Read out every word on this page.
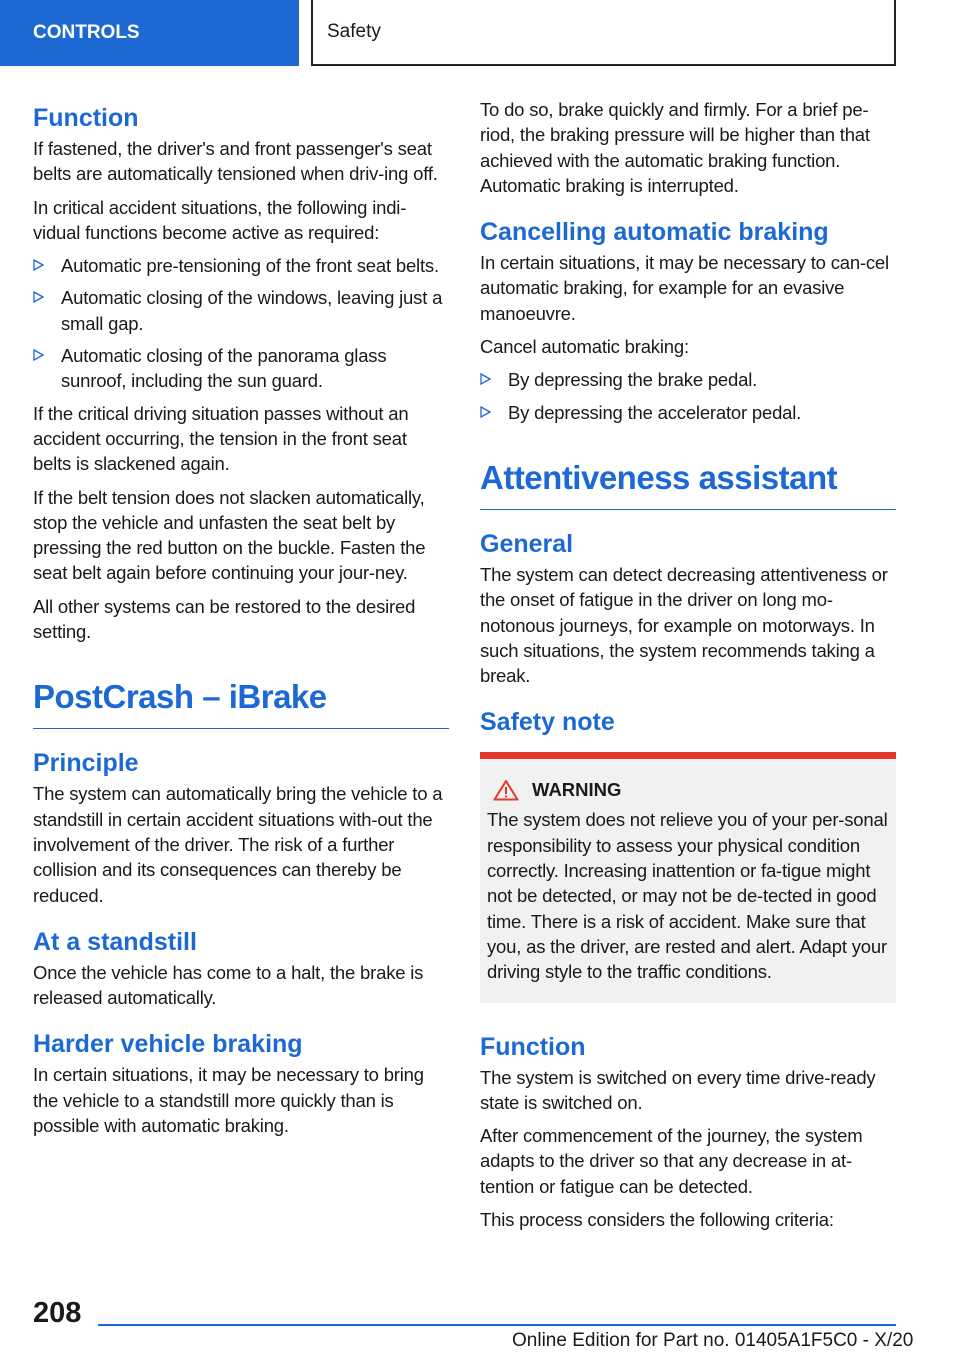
CONTROLS	Safety
Function

If fastened, the driver's and front passenger's seat belts are automatically tensioned when driv-ing off.

In critical accident situations, the following indi-vidual functions become active as required:

Automatic pre-tensioning of the front seat belts.
Automatic closing of the windows, leaving just a small gap.
Automatic closing of the panorama glass sunroof, including the sun guard.

If the critical driving situation passes without an accident occurring, the tension in the front seat belts is slackened again.

If the belt tension does not slacken automatically, stop the vehicle and unfasten the seat belt by pressing the red button on the buckle. Fasten the seat belt again before continuing your jour-ney.

All other systems can be restored to the desired setting.

PostCrash – iBrake
Principle

The system can automatically bring the vehicle to a standstill in certain accident situations with-out the involvement of the driver. The risk of a further collision and its consequences can thereby be reduced.

At a standstill

Once the vehicle has come to a halt, the brake is released automatically.

Harder vehicle braking

In certain situations, it may be necessary to bring the vehicle to a standstill more quickly than is possible with automatic braking.

To do so, brake quickly and firmly. For a brief pe-riod, the braking pressure will be higher than that achieved with the automatic braking function. Automatic braking is interrupted.

Cancelling automatic braking

In certain situations, it may be necessary to can-cel automatic braking, for example for an evasive manoeuvre.

Cancel automatic braking:

By depressing the brake pedal.
By depressing the accelerator pedal.
Attentiveness assistant
General

The system can detect decreasing attentiveness or the onset of fatigue in the driver on long mo-notonous journeys, for example on motorways. In such situations, the system recommends taking a break.

Safety note
WARNING

The system does not relieve you of your per-sonal responsibility to assess your physical condition correctly. Increasing inattention or fa-tigue might not be detected, or may not be de-tected in good time. There is a risk of accident. Make sure that you, as the driver, are rested and alert. Adapt your driving style to the traffic conditions.

Function

The system is switched on every time drive-ready state is switched on.

After commencement of the journey, the system adapts to the driver so that any decrease in at-tention or fatigue can be detected.

This process considers the following criteria:

208
Online Edition for Part no. 01405A1F5C0 - X/20
